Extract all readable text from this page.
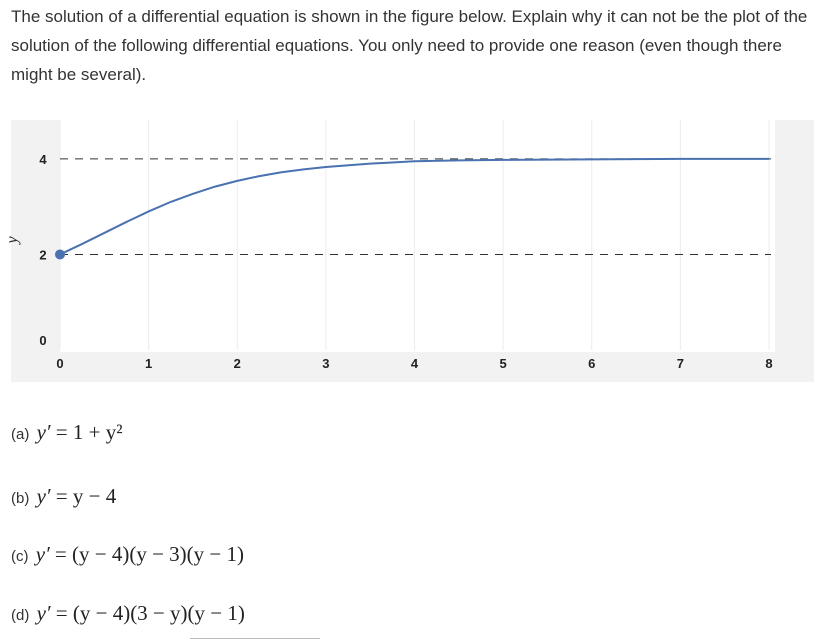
The solution of a differential equation is shown in the figure below. Explain why it can not be the plot of the solution of the following differential equations. You only need to provide one reason (even though there might be several).
0	1	2	3	4	5	6	7	8
0
2
4
y
(a) y′ = 1 + y²
(b) y′ = y − 4
(c) y′ = (y − 4)(y − 3)(y − 1)
(d) y′ = (y − 4)(3 − y)(y − 1)
